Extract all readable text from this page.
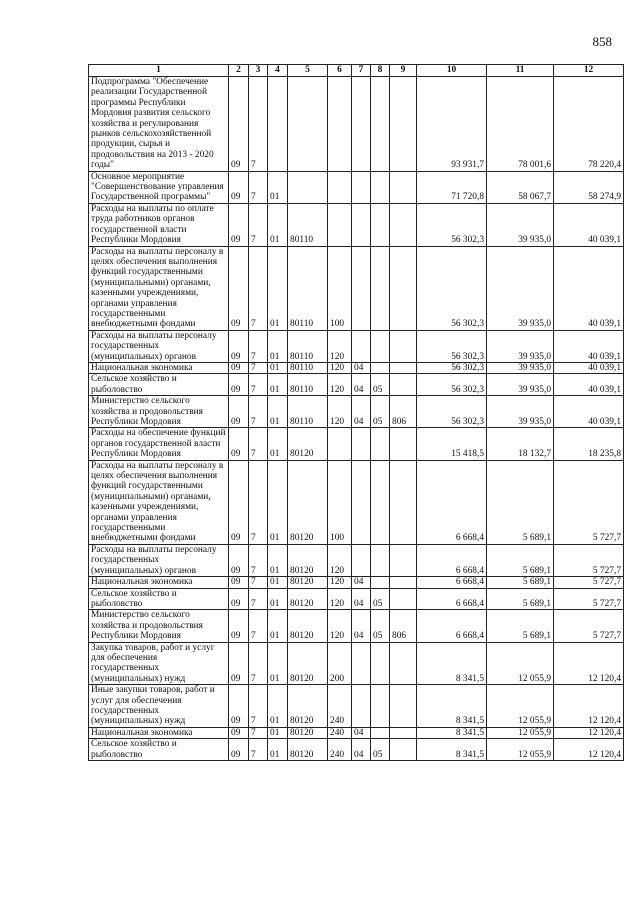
858
1	2	3	4	5	6	7	8	9	10	11	12
Подпрограмма "Обеспечение реализации Государственной программы Республики Мордовия развития сельского хозяйства и регулирования рынков сельскохозяйственной продукции, сырья и продовольствия на 2013 - 2020 годы"	09	7							93 931,7	78 001,6	78 220,4
Основное мероприятие "Совершенствование управления Государственной программы"	09	7	01						71 720,8	58 067,7	58 274,9
Расходы на выплаты по оплате труда работников органов государственной власти Республики Мордовия	09	7	01	80110					56 302,3	39 935,0	40 039,1
Расходы на выплаты персоналу в целях обеспечения выполнения функций государственными (муниципальными) органами, казенными учреждениями, органами управления государственными внебюджетными фондами	09	7	01	80110	100				56 302,3	39 935,0	40 039,1
Расходы на выплаты персоналу государственных (муниципальных) органов	09	7	01	80110	120				56 302,3	39 935,0	40 039,1
Национальная экономика	09	7	01	80110	120	04			56 302,3	39 935,0	40 039,1
Сельское хозяйство и рыболовство	09	7	01	80110	120	04	05		56 302,3	39 935,0	40 039,1
Министерство сельского хозяйства и продовольствия Республики Мордовия	09	7	01	80110	120	04	05	806	56 302,3	39 935,0	40 039,1
Расходы на обеспечение функций органов государственной власти Республики Мордовия	09	7	01	80120					15 418,5	18 132,7	18 235,8
Расходы на выплаты персоналу в целях обеспечения выполнения функций государственными (муниципальными) органами, казенными учреждениями, органами управления государственными внебюджетными фондами	09	7	01	80120	100				6 668,4	5 689,1	5 727,7
Расходы на выплаты персоналу государственных (муниципальных) органов	09	7	01	80120	120				6 668,4	5 689,1	5 727,7
Национальная экономика	09	7	01	80120	120	04			6 668,4	5 689,1	5 727,7
Сельское хозяйство и рыболовство	09	7	01	80120	120	04	05		6 668,4	5 689,1	5 727,7
Министерство сельского хозяйства и продовольствия Республики Мордовия	09	7	01	80120	120	04	05	806	6 668,4	5 689,1	5 727,7
Закупка товаров, работ и услуг для обеспечения государственных (муниципальных) нужд	09	7	01	80120	200				8 341,5	12 055,9	12 120,4
Иные закупки товаров, работ и услуг для обеспечения государственных (муниципальных) нужд	09	7	01	80120	240				8 341,5	12 055,9	12 120,4
Национальная экономика	09	7	01	80120	240	04			8 341,5	12 055,9	12 120,4
Сельское хозяйство и рыболовство	09	7	01	80120	240	04	05		8 341,5	12 055,9	12 120,4
